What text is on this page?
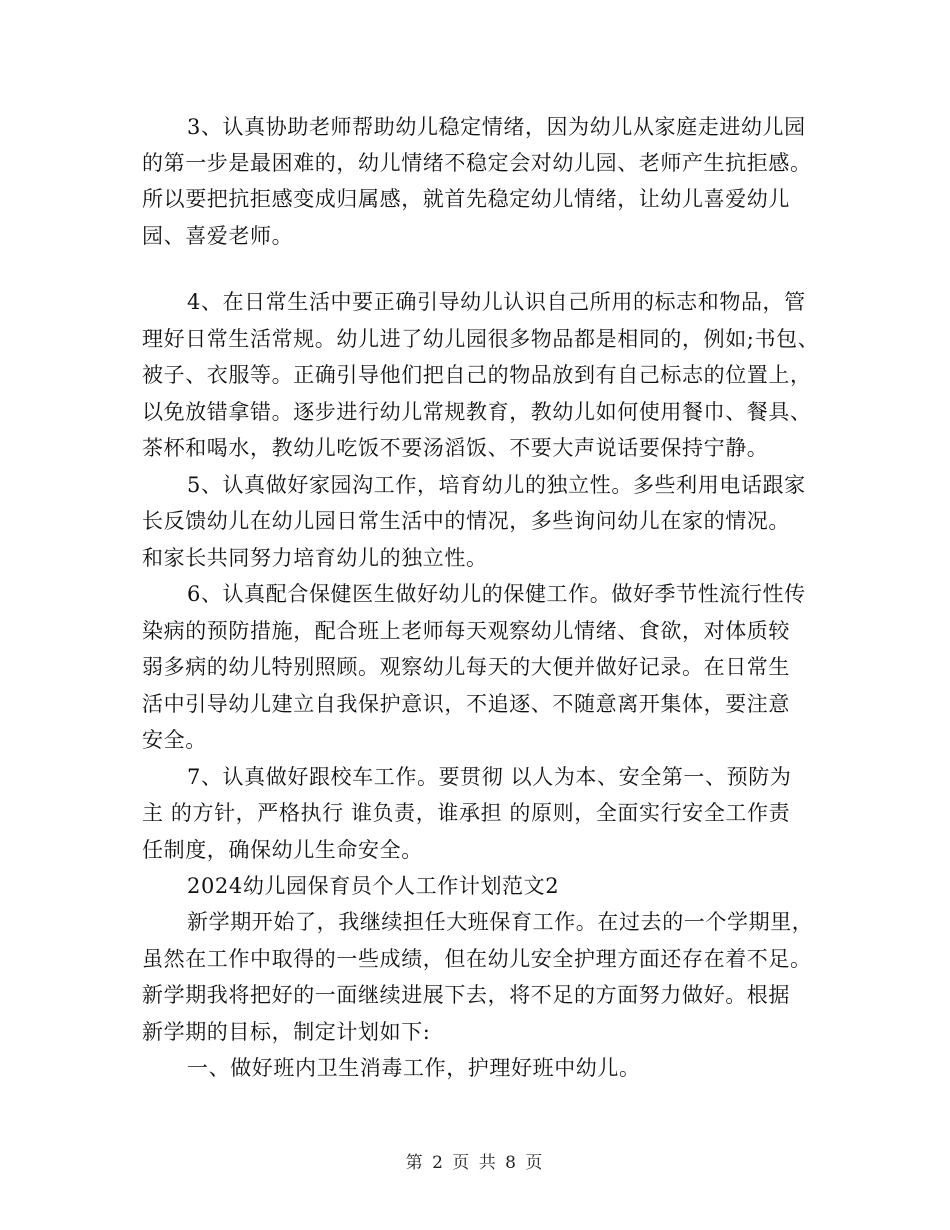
3、认真协助老师帮助幼儿稳定情绪，因为幼儿从家庭走进幼儿园
的第一步是最困难的，幼儿情绪不稳定会对幼儿园、老师产生抗拒感。
所以要把抗拒感变成归属感，就首先稳定幼儿情绪，让幼儿喜爱幼儿
园、喜爱老师。
4、在日常生活中要正确引导幼儿认识自己所用的标志和物品，管
理好日常生活常规。幼儿进了幼儿园很多物品都是相同的，例如;书包、
被子、衣服等。正确引导他们把自己的物品放到有自己标志的位置上，
以免放错拿错。逐步进行幼儿常规教育，教幼儿如何使用餐巾、餐具、
茶杯和喝水，教幼儿吃饭不要汤滔饭、不要大声说话要保持宁静。
5、认真做好家园沟工作，培育幼儿的独立性。多些利用电话跟家
长反馈幼儿在幼儿园日常生活中的情况，多些询问幼儿在家的情况。
和家长共同努力培育幼儿的独立性。
6、认真配合保健医生做好幼儿的保健工作。做好季节性流行性传
染病的预防措施，配合班上老师每天观察幼儿情绪、食欲，对体质较
弱多病的幼儿特别照顾。观察幼儿每天的大便并做好记录。在日常生
活中引导幼儿建立自我保护意识，不追逐、不随意离开集体，要注意
安全。
7、认真做好跟校车工作。要贯彻 以人为本、安全第一、预防为
主 的方针，严格执行 谁负责，谁承担 的原则，全面实行安全工作责
任制度，确保幼儿生命安全。
2024幼儿园保育员个人工作计划范文2
新学期开始了，我继续担任大班保育工作。在过去的一个学期里，
虽然在工作中取得的一些成绩，但在幼儿安全护理方面还存在着不足。
新学期我将把好的一面继续进展下去，将不足的方面努力做好。根据
新学期的目标，制定计划如下:
一、做好班内卫生消毒工作，护理好班中幼儿。
第 2 页 共 8 页
